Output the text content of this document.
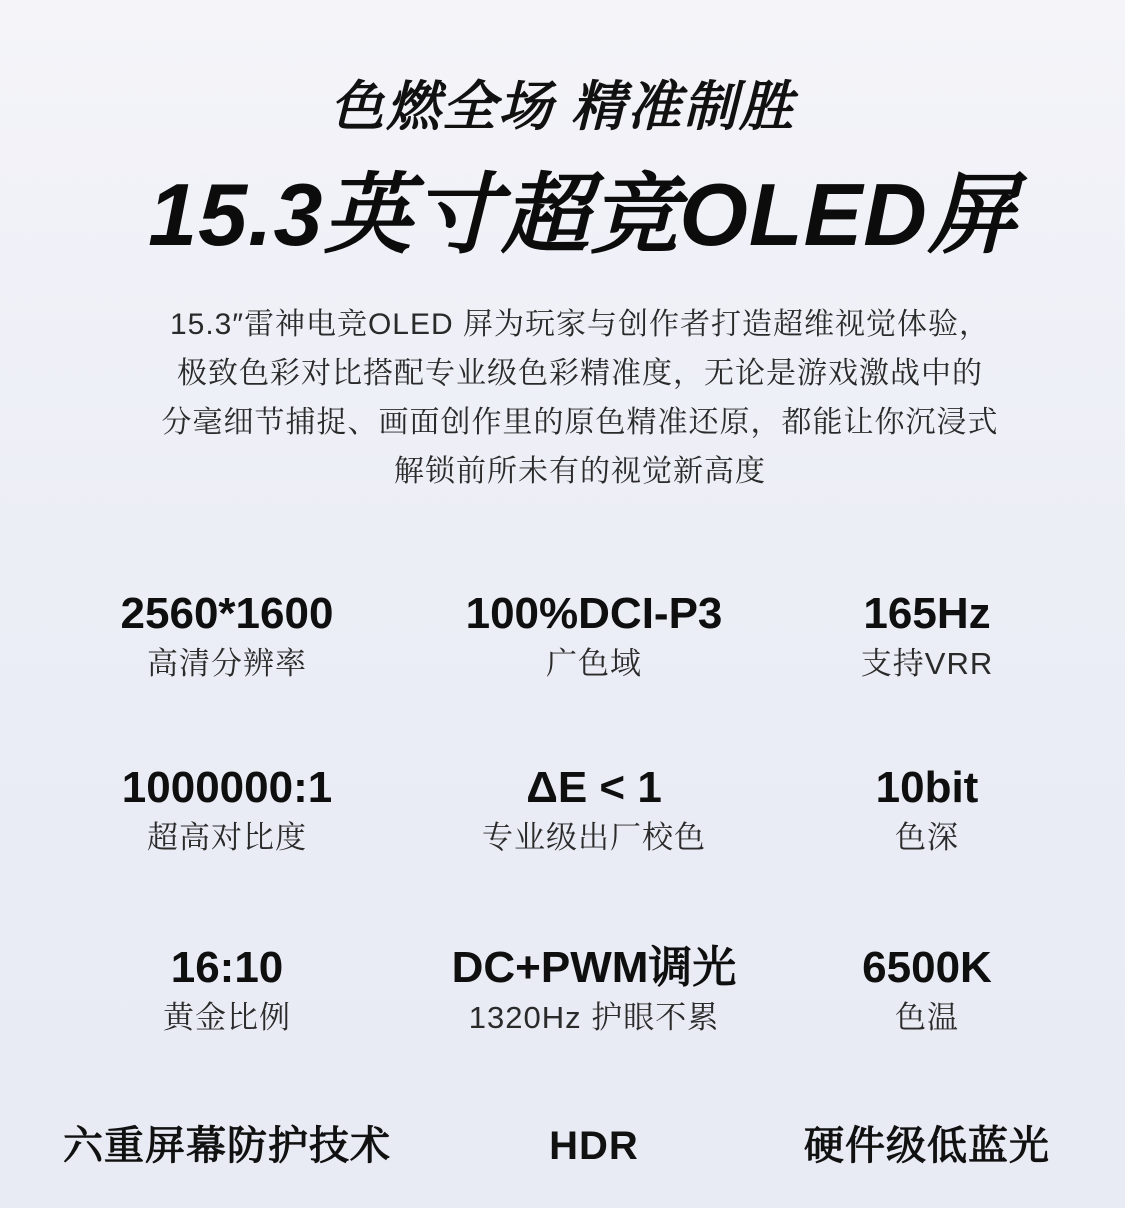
色燃全场 精准制胜
15.3英寸超竞OLED屏
15.3″雷神电竞OLED 屏为玩家与创作者打造超维视觉体验，
极致色彩对比搭配专业级色彩精准度，无论是游戏激战中的
分毫细节捕捉、画面创作里的原色精准还原，都能让你沉浸式
解锁前所未有的视觉新高度
2560*1600
高清分辨率
100%DCI-P3
广色域
165Hz
支持VRR
1000000:1
超高对比度
ΔE < 1
专业级出厂校色
10bit
色深
16:10
黄金比例
DC+PWM调光
1320Hz 护眼不累
6500K
色温
六重屏幕防护技术	HDR	硬件级低蓝光
